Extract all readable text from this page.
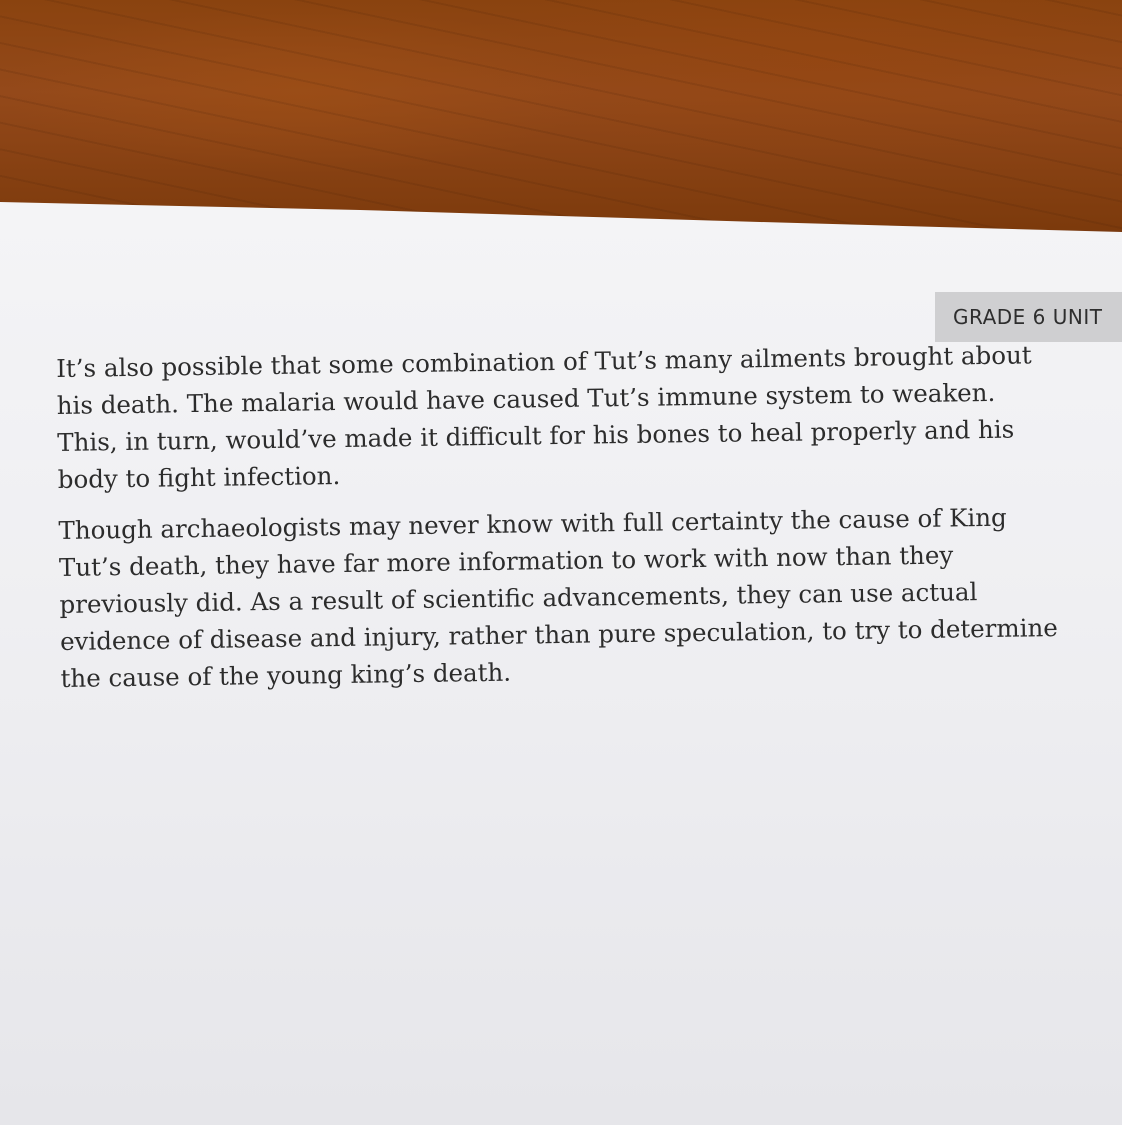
GRADE 6 UNIT

It’s also possible that some combination of Tut’s many ailments brought about his death. The malaria would have caused Tut’s immune system to weaken. This, in turn, would’ve made it difficult for his bones to heal properly and his body to fight infection.

Though archaeologists may never know with full certainty the cause of King Tut’s death, they have far more information to work with now than they previously did. As a result of scientific advancements, they can use actual evidence of disease and injury, rather than pure speculation, to try to determine the cause of the young king’s death.
